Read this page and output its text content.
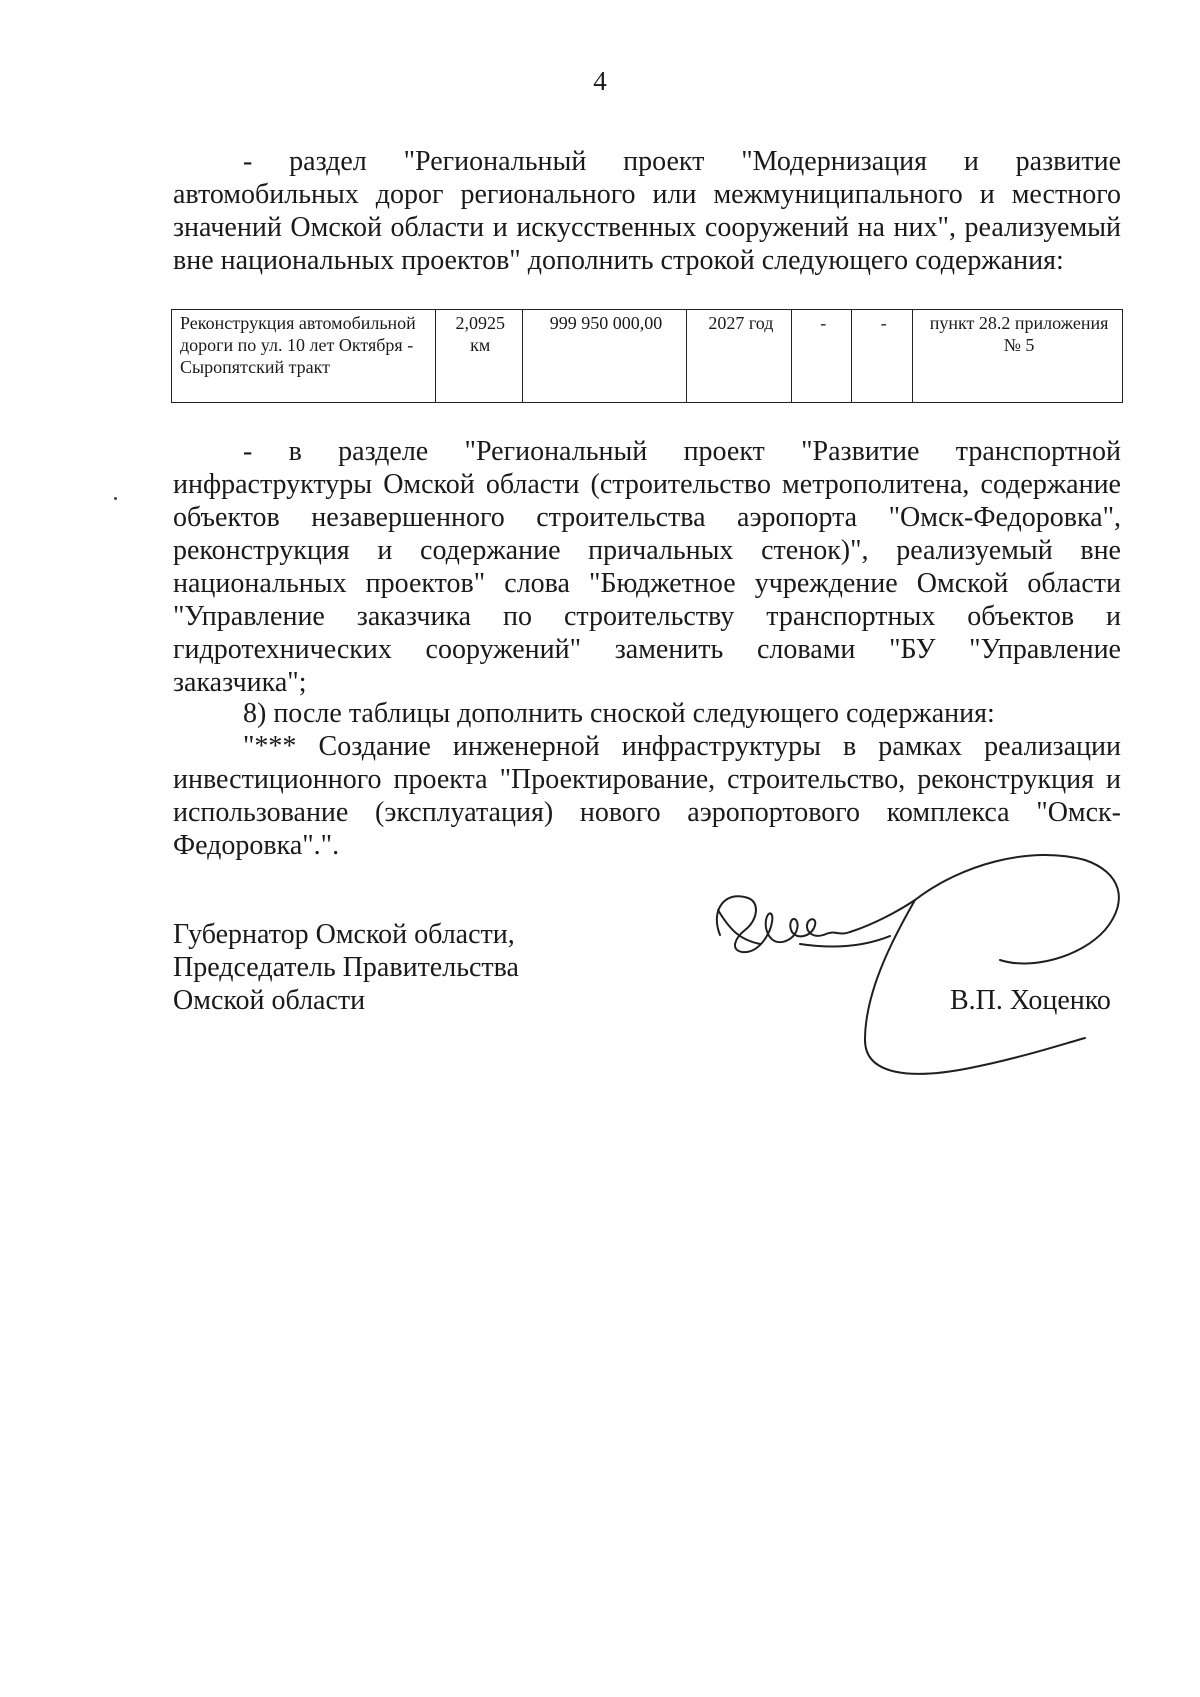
4

- раздел "Региональный проект "Модернизация и развитие автомобильных дорог регионального или межмуниципального и местного значений Омской области и искусственных сооружений на них", реализуемый вне национальных проектов" дополнить строкой следующего содержания:

Реконструкция автомобильной дороги по ул. 10 лет Октября - Сыропятский тракт	2,0925 км	999 950 000,00	2027 год	-	-	пункт 28.2 приложения № 5

- в разделе "Региональный проект "Развитие транспортной инфраструктуры Омской области (строительство метрополитена, содержание объектов незавершенного строительства аэропорта "Омск-Федоровка", реконструкция и содержание причальных стенок)", реализуемый вне национальных проектов" слова "Бюджетное учреждение Омской области "Управление заказчика по строительству транспортных объектов и гидротехнических сооружений" заменить словами "БУ "Управление заказчика";

8) после таблицы дополнить сноской следующего содержания:

"*** Создание инженерной инфраструктуры в рамках реализации инвестиционного проекта "Проектирование, строительство, реконструкция и использование (эксплуатация) нового аэропортового комплекса "Омск-Федоровка".".

Губернатор Омской области,
Председатель Правительства
Омской области	В.П. Хоценко
